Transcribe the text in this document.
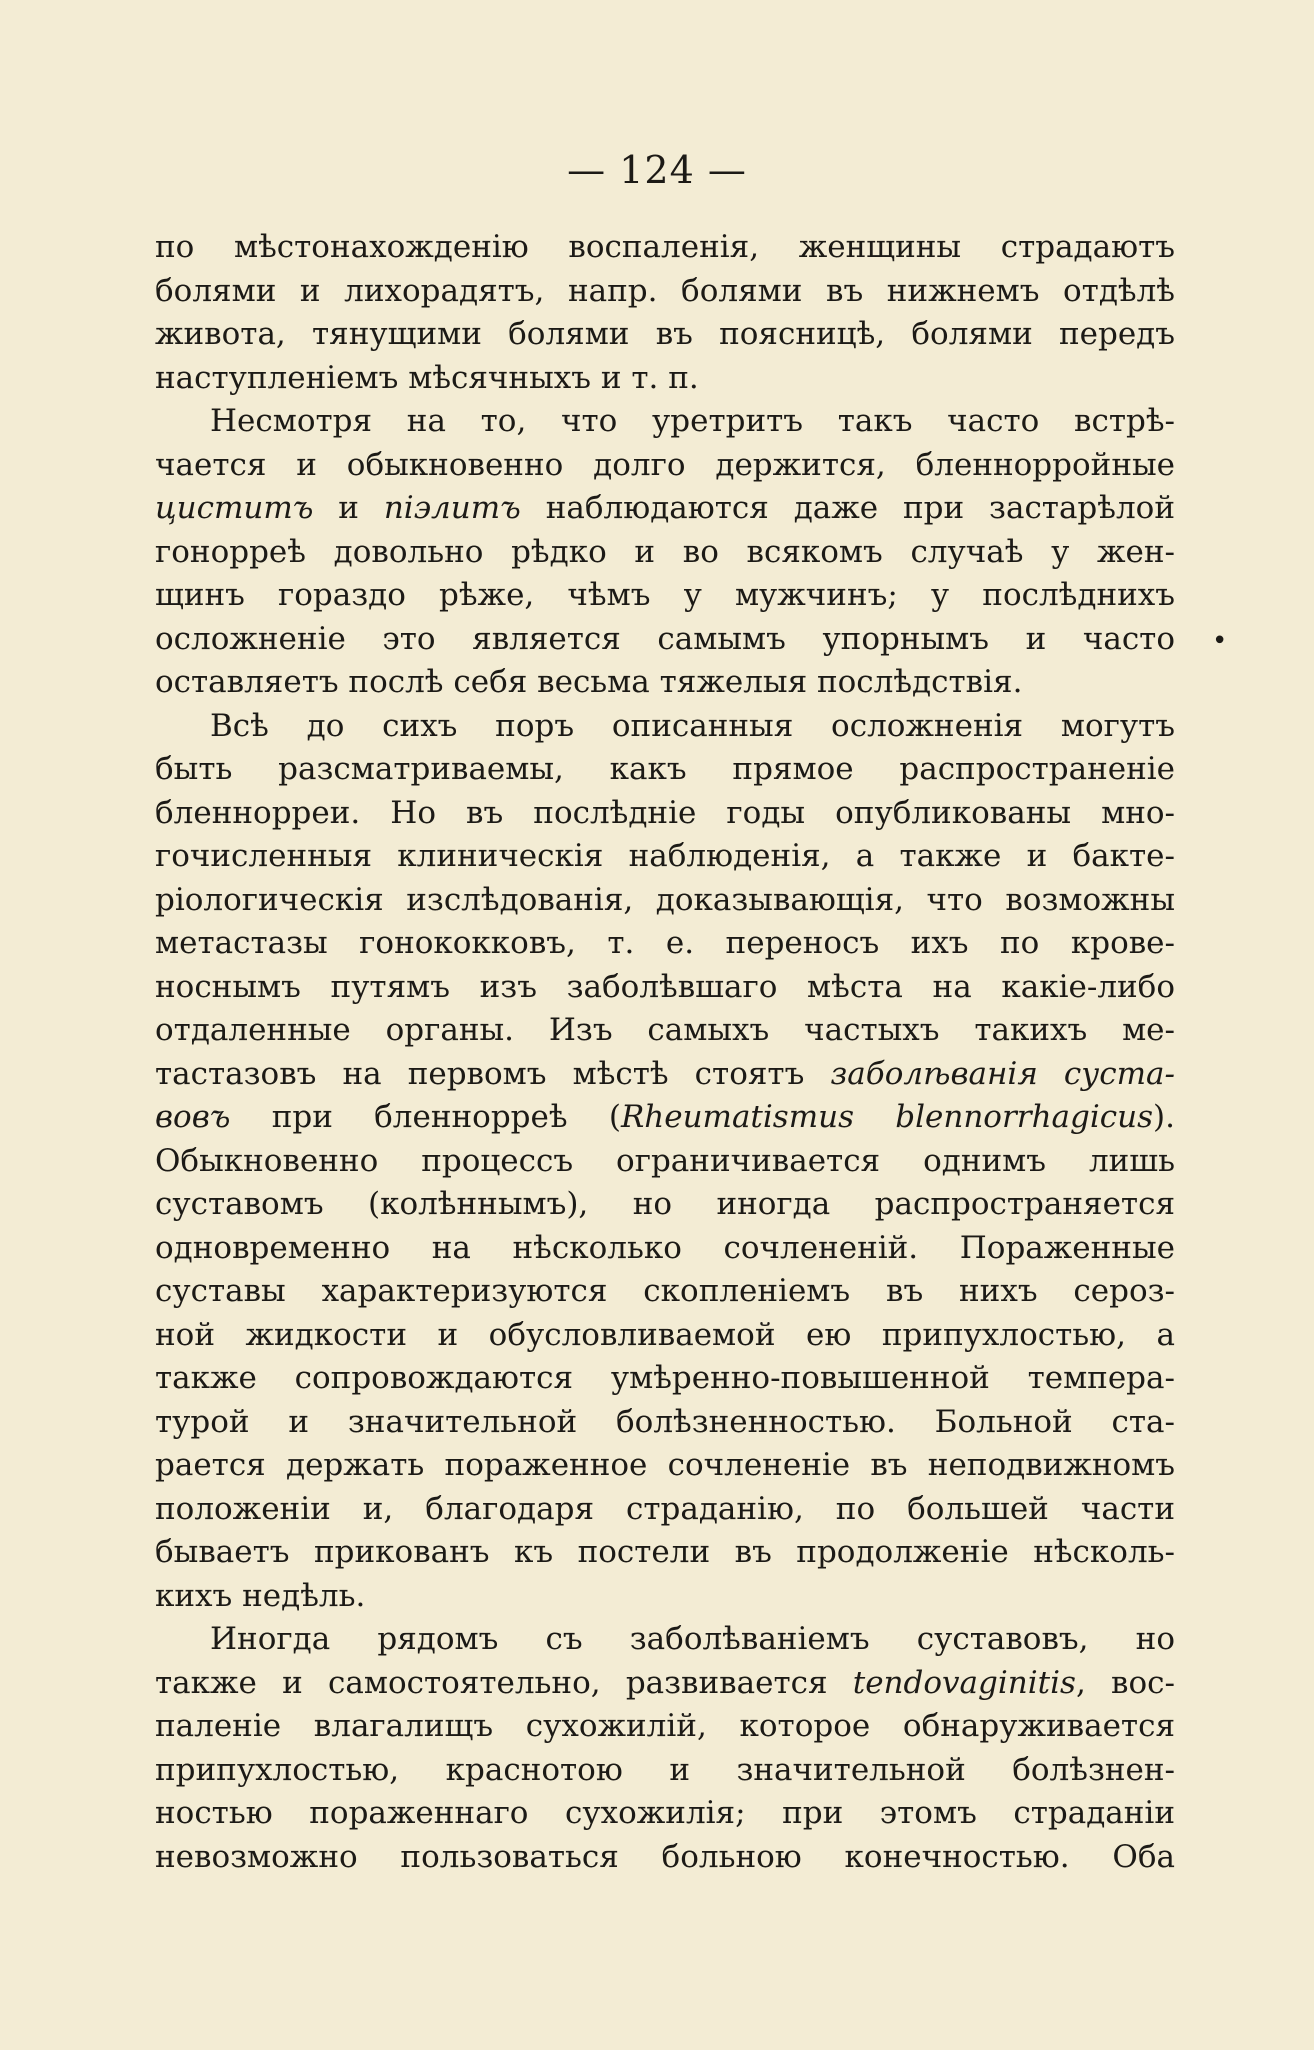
— 124 —
по мѣстонахожденію воспаленія, женщины страдаютъ
болями и лихорадятъ, напр. болями въ нижнемъ отдѣлѣ
живота, тянущими болями въ поясницѣ, болями передъ
наступленіемъ мѣсячныхъ и т. п.
Несмотря на то, что уретритъ такъ часто встрѣ-
чается и обыкновенно долго держится, бленнорройные
циститъ и піэлитъ наблюдаются даже при застарѣлой
гонорреѣ довольно рѣдко и во всякомъ случаѣ у жен-
щинъ гораздо рѣже, чѣмъ у мужчинъ; у послѣднихъ
осложненіе это является самымъ упорнымъ и часто
оставляетъ послѣ себя весьма тяжелыя послѣдствія.
Всѣ до сихъ поръ описанныя осложненія могутъ
быть разсматриваемы, какъ прямое распространеніе
бленнорреи. Но въ послѣдніе годы опубликованы мно-
гочисленныя клиническія наблюденія, а также и бакте-
ріологическія изслѣдованія, доказывающія, что возможны
метастазы гонококковъ, т. е. переносъ ихъ по крове-
носнымъ путямъ изъ заболѣвшаго мѣста на какіе-либо
отдаленные органы. Изъ самыхъ частыхъ такихъ ме-
тастазовъ на первомъ мѣстѣ стоятъ заболѣванія суста-
вовъ при бленнорреѣ (Rheumatismus blennorrhagicus).
Обыкновенно процессъ ограничивается однимъ лишь
суставомъ (колѣннымъ), но иногда распространяется
одновременно на нѣсколько сочлененій. Пораженные
суставы характеризуются скопленіемъ въ нихъ сероз-
ной жидкости и обусловливаемой ею припухлостью, а
также сопровождаются умѣренно-повышенной темпера-
турой и значительной болѣзненностью. Больной ста-
рается держать пораженное сочлененіе въ неподвижномъ
положеніи и, благодаря страданію, по большей части
бываетъ прикованъ къ постели въ продолженіе нѣсколь-
кихъ недѣль.
Иногда рядомъ съ заболѣваніемъ суставовъ, но
также и самостоятельно, развивается tendovaginitis, вос-
паленіе влагалищъ сухожилій, которое обнаруживается
припухлостью, краснотою и значительной болѣзнен-
ностью пораженнаго сухожилія; при этомъ страданіи
невозможно пользоваться больною конечностью. Оба
•
